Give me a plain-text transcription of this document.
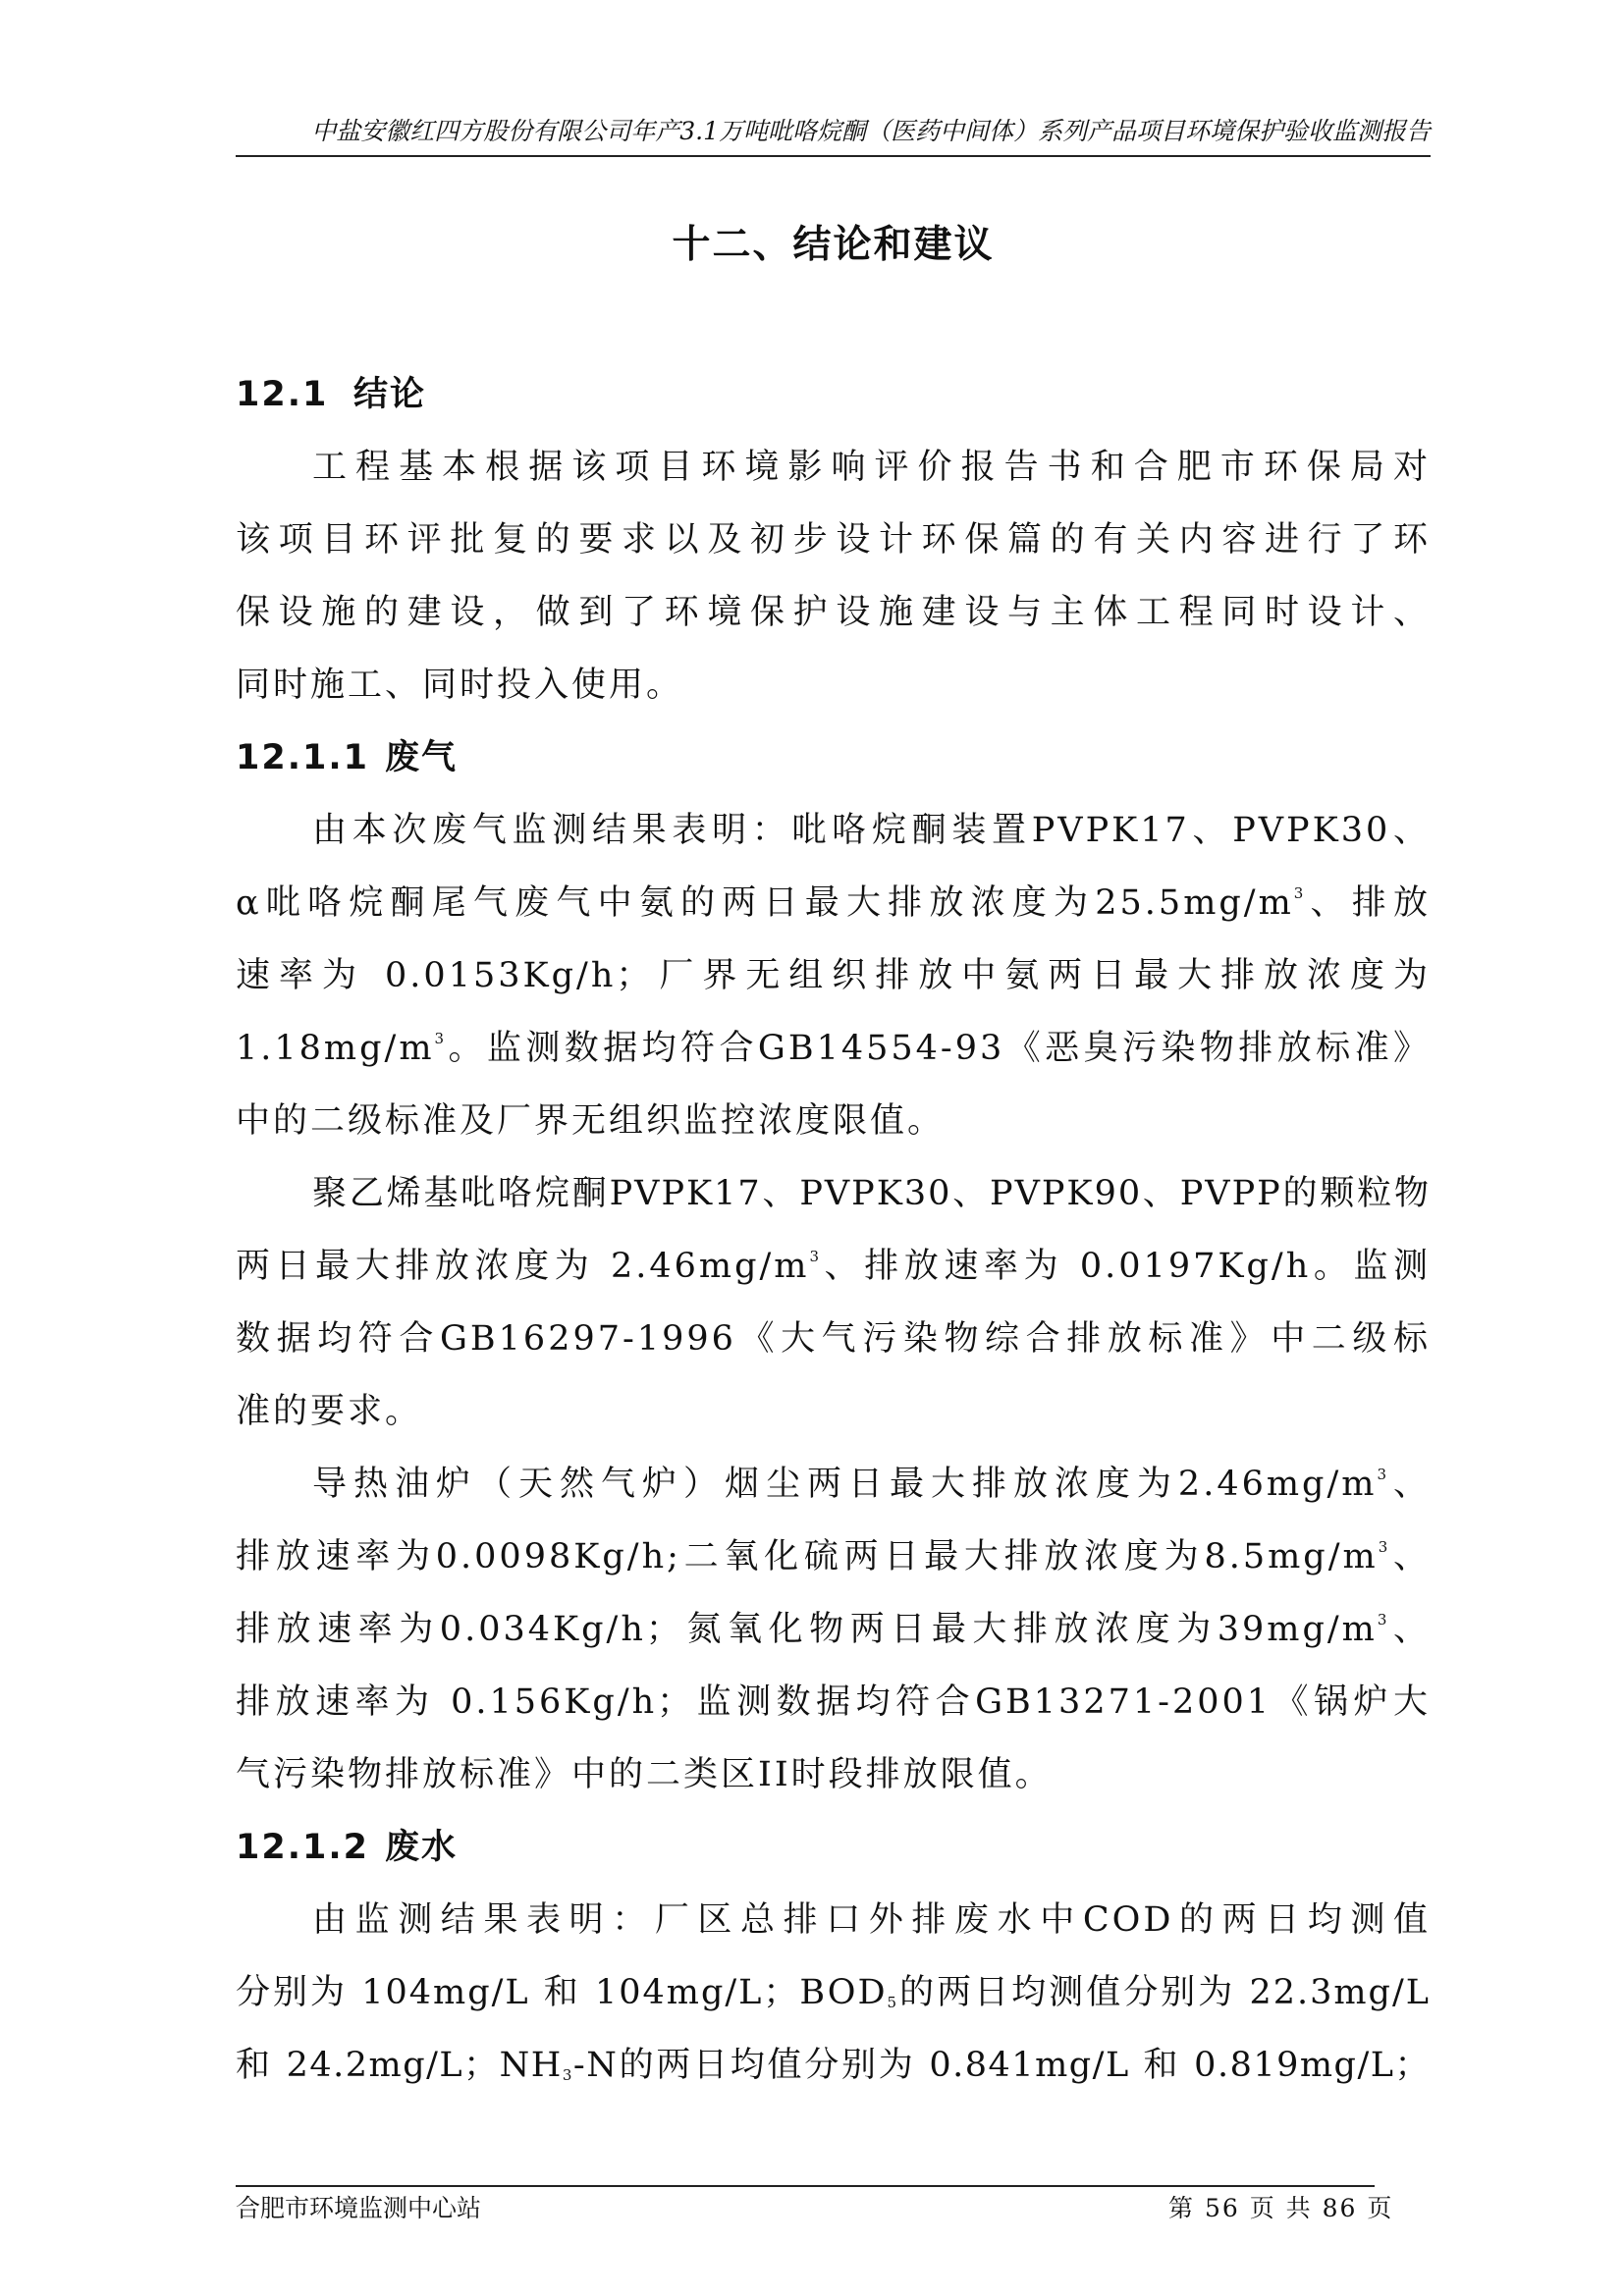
中盐安徽红四方股份有限公司年产3.1万吨吡咯烷酮（医药中间体）系列产品项目环境保护验收监测报告
十二、结论和建议
12.1 结论
工程基本根据该项目环境影响评价报告书和合肥市环保局对
该项目环评批复的要求以及初步设计环保篇的有关内容进行了环
保设施的建设，做到了环境保护设施建设与主体工程同时设计、
同时施工、同时投入使用。
12.1.1 废气
由本次废气监测结果表明：吡咯烷酮装置PVPK17、PVPK30、
α吡咯烷酮尾气废气中氨的两日最大排放浓度为$25.5mg/m^3$、排放
速率为 0.0153Kg/h；厂界无组织排放中氨两日最大排放浓度为
$1.18mg/m^3$。监测数据均符合GB14554-93《恶臭污染物排放标准》
中的二级标准及厂界无组织监控浓度限值。
聚乙烯基吡咯烷酮PVPK17、PVPK30、PVPK90、PVPP的颗粒物
两日最大排放浓度为 $2.46mg/m^3$、排放速率为 0.0197Kg/h。监测
数据均符合GB16297-1996《大气污染物综合排放标准》中二级标
准的要求。
导热油炉（天然气炉）烟尘两日最大排放浓度为$2.46mg/m^3$、
排放速率为0.0098Kg/h;二氧化硫两日最大排放浓度为$8.5mg/m^3$、
排放速率为0.034Kg/h；氮氧化物两日最大排放浓度为$39mg/m^3$、
排放速率为 0.156Kg/h；监测数据均符合GB13271-2001《锅炉大
气污染物排放标准》中的二类区II时段排放限值。
12.1.2 废水
由监测结果表明：厂区总排口外排废水中COD的两日均测值
分别为 104mg/L 和 104mg/L；$BOD_5$的两日均测值分别为 22.3mg/L
和 24.2mg/L；$NH_3-N$的两日均值分别为 0.841mg/L 和 0.819mg/L；
合肥市环境监测中心站	第 56 页 共 86 页
